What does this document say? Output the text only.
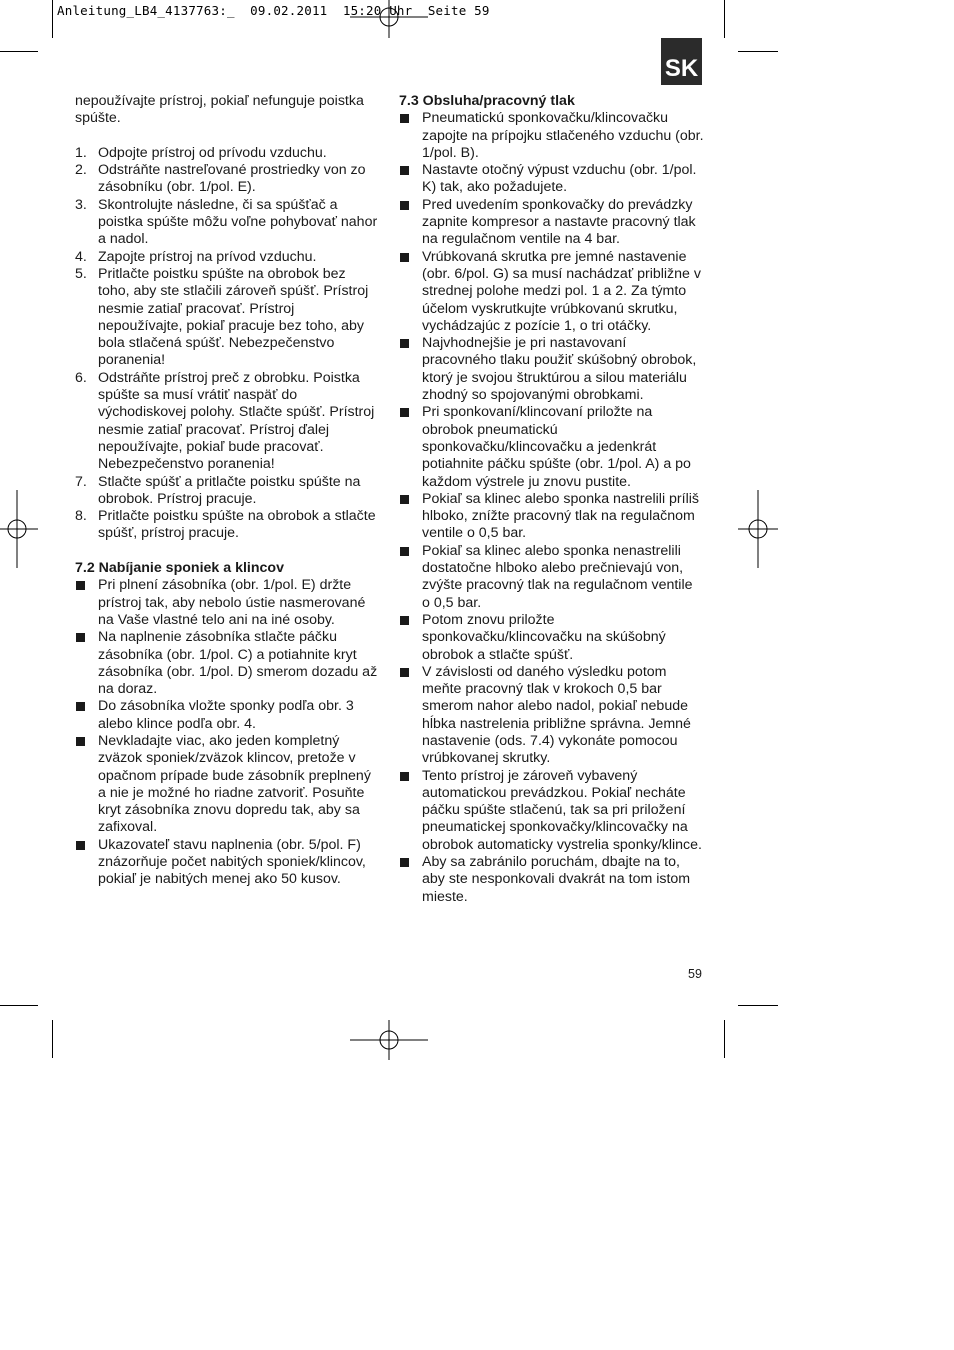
Anleitung_LB4_4137763:_  09.02.2011  15:20 Uhr  Seite 59
SK

nepoužívajte prístroj, pokiaľ nefunguje poistka spúšte.

1. Odpojte prístroj od prívodu vzduchu.

2. Odstráňte nastreľované prostriedky von zo zásobníku (obr. 1/pol. E).

3. Skontrolujte následne, či sa spúšťač a poistka spúšte môžu voľne pohybovať nahor a nadol.

4. Zapojte prístroj na prívod vzduchu.

5. Pritlačte poistku spúšte na obrobok bez toho, aby ste stlačili zároveň spúšť. Prístroj nesmie zatiaľ pracovať. Prístroj nepoužívajte, pokiaľ pracuje bez toho, aby bola stlačená spúšť. Nebezpečenstvo poranenia!

6. Odstráňte prístroj preč z obrobku. Poistka spúšte sa musí vrátiť naspäť do východiskovej polohy. Stlačte spúšť. Prístroj nesmie zatiaľ pracovať. Prístroj ďalej nepoužívajte, pokiaľ bude pracovať. Nebezpečenstvo poranenia!

7. Stlačte spúšť a pritlačte poistku spúšte na obrobok. Prístroj pracuje.

8. Pritlačte poistku spúšte na obrobok a stlačte spúšť, prístroj pracuje.

7.2 Nabíjanie sponiek a klincov

Pri plnení zásobníka (obr. 1/pol. E) držte prístroj tak, aby nebolo ústie nasmerované na Vaše vlastné telo ani na iné osoby.

Na naplnenie zásobníka stlačte páčku zásobníka (obr. 1/pol. C) a potiahnite kryt zásobníka (obr. 1/pol. D) smerom dozadu až na doraz.

Do zásobníka vložte sponky podľa obr. 3 alebo klince podľa obr. 4.

Nevkladajte viac, ako jeden kompletný zväzok sponiek/zväzok klincov, pretože v opačnom prípade bude zásobník preplnený a nie je možné ho riadne zatvoriť. Posuňte kryt zásobníka znovu dopredu tak, aby sa zafixoval.

Ukazovateľ stavu naplnenia (obr. 5/pol. F) znázorňuje počet nabitých sponiek/klincov, pokiaľ je nabitých menej ako 50 kusov.

7.3 Obsluha/pracovný tlak

Pneumatickú sponkovačku/klincovačku zapojte na prípojku stlačeného vzduchu (obr. 1/pol. B).

Nastavte otočný výpust vzduchu (obr. 1/pol. K) tak, ako požadujete.

Pred uvedením sponkovačky do prevádzky zapnite kompresor a nastavte pracovný tlak na regulačnom ventile na 4 bar.

Vrúbkovaná skrutka pre jemné nastavenie (obr. 6/pol. G) sa musí nachádzať približne v strednej polohe medzi pol. 1 a 2. Za týmto účelom vyskrutkujte vrúbkovanú skrutku, vychádzajúc z pozície 1, o tri otáčky.

Najvhodnejšie je pri nastavovaní pracovného tlaku použiť skúšobný obrobok, ktorý je svojou štruktúrou a silou materiálu zhodný so spojovanými obrobkami.

Pri sponkovaní/klincovaní priložte na obrobok pneumatickú sponkovačku/klincovačku a jedenkrát potiahnite páčku spúšte (obr. 1/pol. A) a po každom výstrele ju znovu pustite.

Pokiaľ sa klinec alebo sponka nastrelili príliš hlboko, znížte pracovný tlak na regulačnom ventile o 0,5 bar.

Pokiaľ sa klinec alebo sponka nenastrelili dostatočne hlboko alebo prečnievajú von, zvýšte pracovný tlak na regulačnom ventile o 0,5 bar.

Potom znovu priložte sponkovačku/klincovačku na skúšobný obrobok a stlačte spúšť.

V závislosti od daného výsledku potom meňte pracovný tlak v krokoch 0,5 bar smerom nahor alebo nadol, pokiaľ nebude hĺbka nastrelenia približne správna. Jemné nastavenie (ods. 7.4) vykonáte pomocou vrúbkovanej skrutky.

Tento prístroj je zároveň vybavený automatickou prevádzkou. Pokiaľ necháte páčku spúšte stlačenú, tak sa pri priložení pneumatickej sponkovačky/klincovačky na obrobok automaticky vystrelia sponky/klince.

Aby sa zabránilo poruchám, dbajte na to, aby ste nesponkovali dvakrát na tom istom mieste.

59
